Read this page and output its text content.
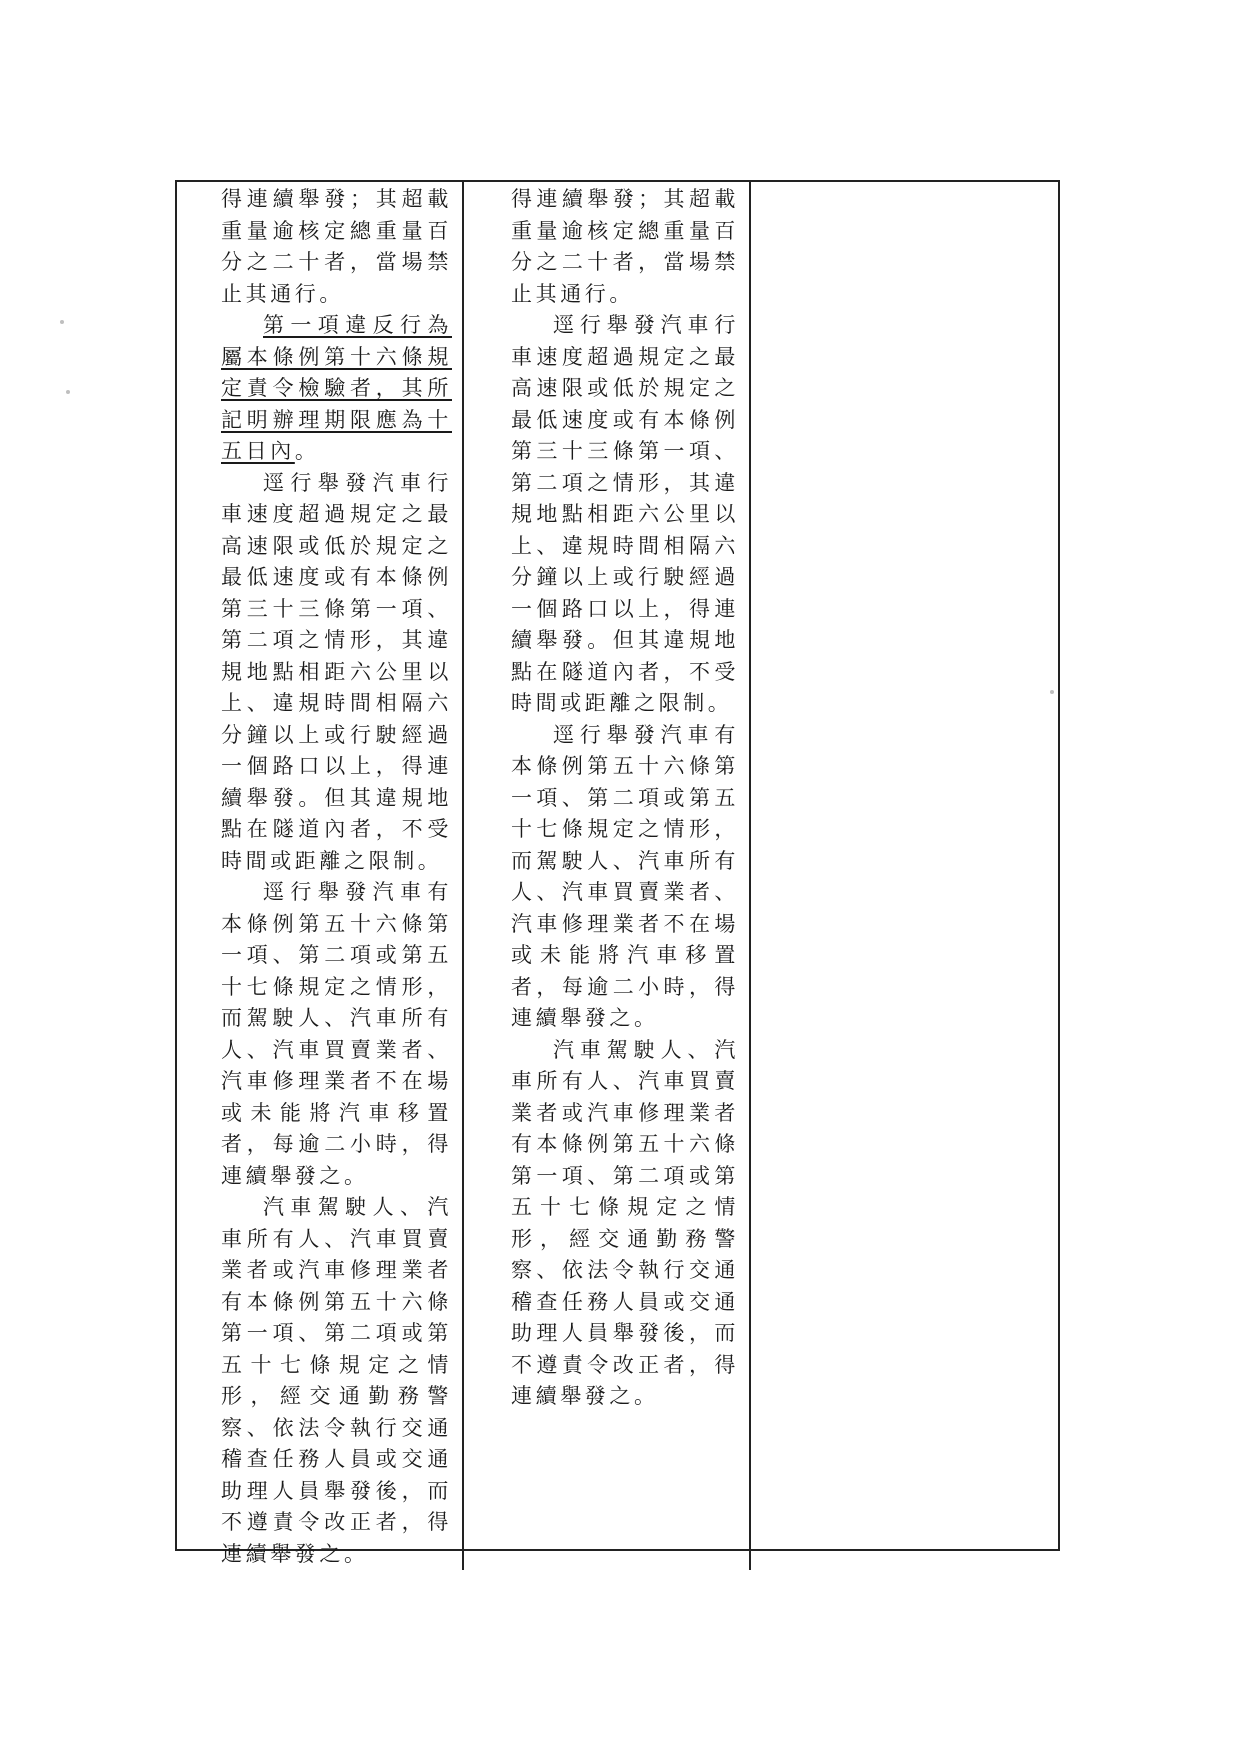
得連續舉發；其超載重量逾核定總重量百分之二十者，當場禁止其通行。

第一項違反行為屬本條例第十六條規定責令檢驗者，其所記明辦理期限應為十五日內。

逕行舉發汽車行車速度超過規定之最高速限或低於規定之最低速度或有本條例第三十三條第一項、第二項之情形，其違規地點相距六公里以上、違規時間相隔六分鐘以上或行駛經過一個路口以上，得連續舉發。但其違規地點在隧道內者，不受時間或距離之限制。

逕行舉發汽車有本條例第五十六條第一項、第二項或第五十七條規定之情形，而駕駛人、汽車所有人、汽車買賣業者、汽車修理業者不在場或未能將汽車移置者，每逾二小時，得連續舉發之。

汽車駕駛人、汽車所有人、汽車買賣業者或汽車修理業者有本條例第五十六條第一項、第二項或第五十七條規定之情形，經交通勤務警察、依法令執行交通稽查任務人員或交通助理人員舉發後，而不遵責令改正者，得連續舉發之。

得連續舉發；其超載重量逾核定總重量百分之二十者，當場禁止其通行。

逕行舉發汽車行車速度超過規定之最高速限或低於規定之最低速度或有本條例第三十三條第一項、第二項之情形，其違規地點相距六公里以上、違規時間相隔六分鐘以上或行駛經過一個路口以上，得連續舉發。但其違規地點在隧道內者，不受時間或距離之限制。

逕行舉發汽車有本條例第五十六條第一項、第二項或第五十七條規定之情形，而駕駛人、汽車所有人、汽車買賣業者、汽車修理業者不在場或未能將汽車移置者，每逾二小時，得連續舉發之。

汽車駕駛人、汽車所有人、汽車買賣業者或汽車修理業者有本條例第五十六條第一項、第二項或第五十七條規定之情形，經交通勤務警察、依法令執行交通稽查任務人員或交通助理人員舉發後，而不遵責令改正者，得連續舉發之。
